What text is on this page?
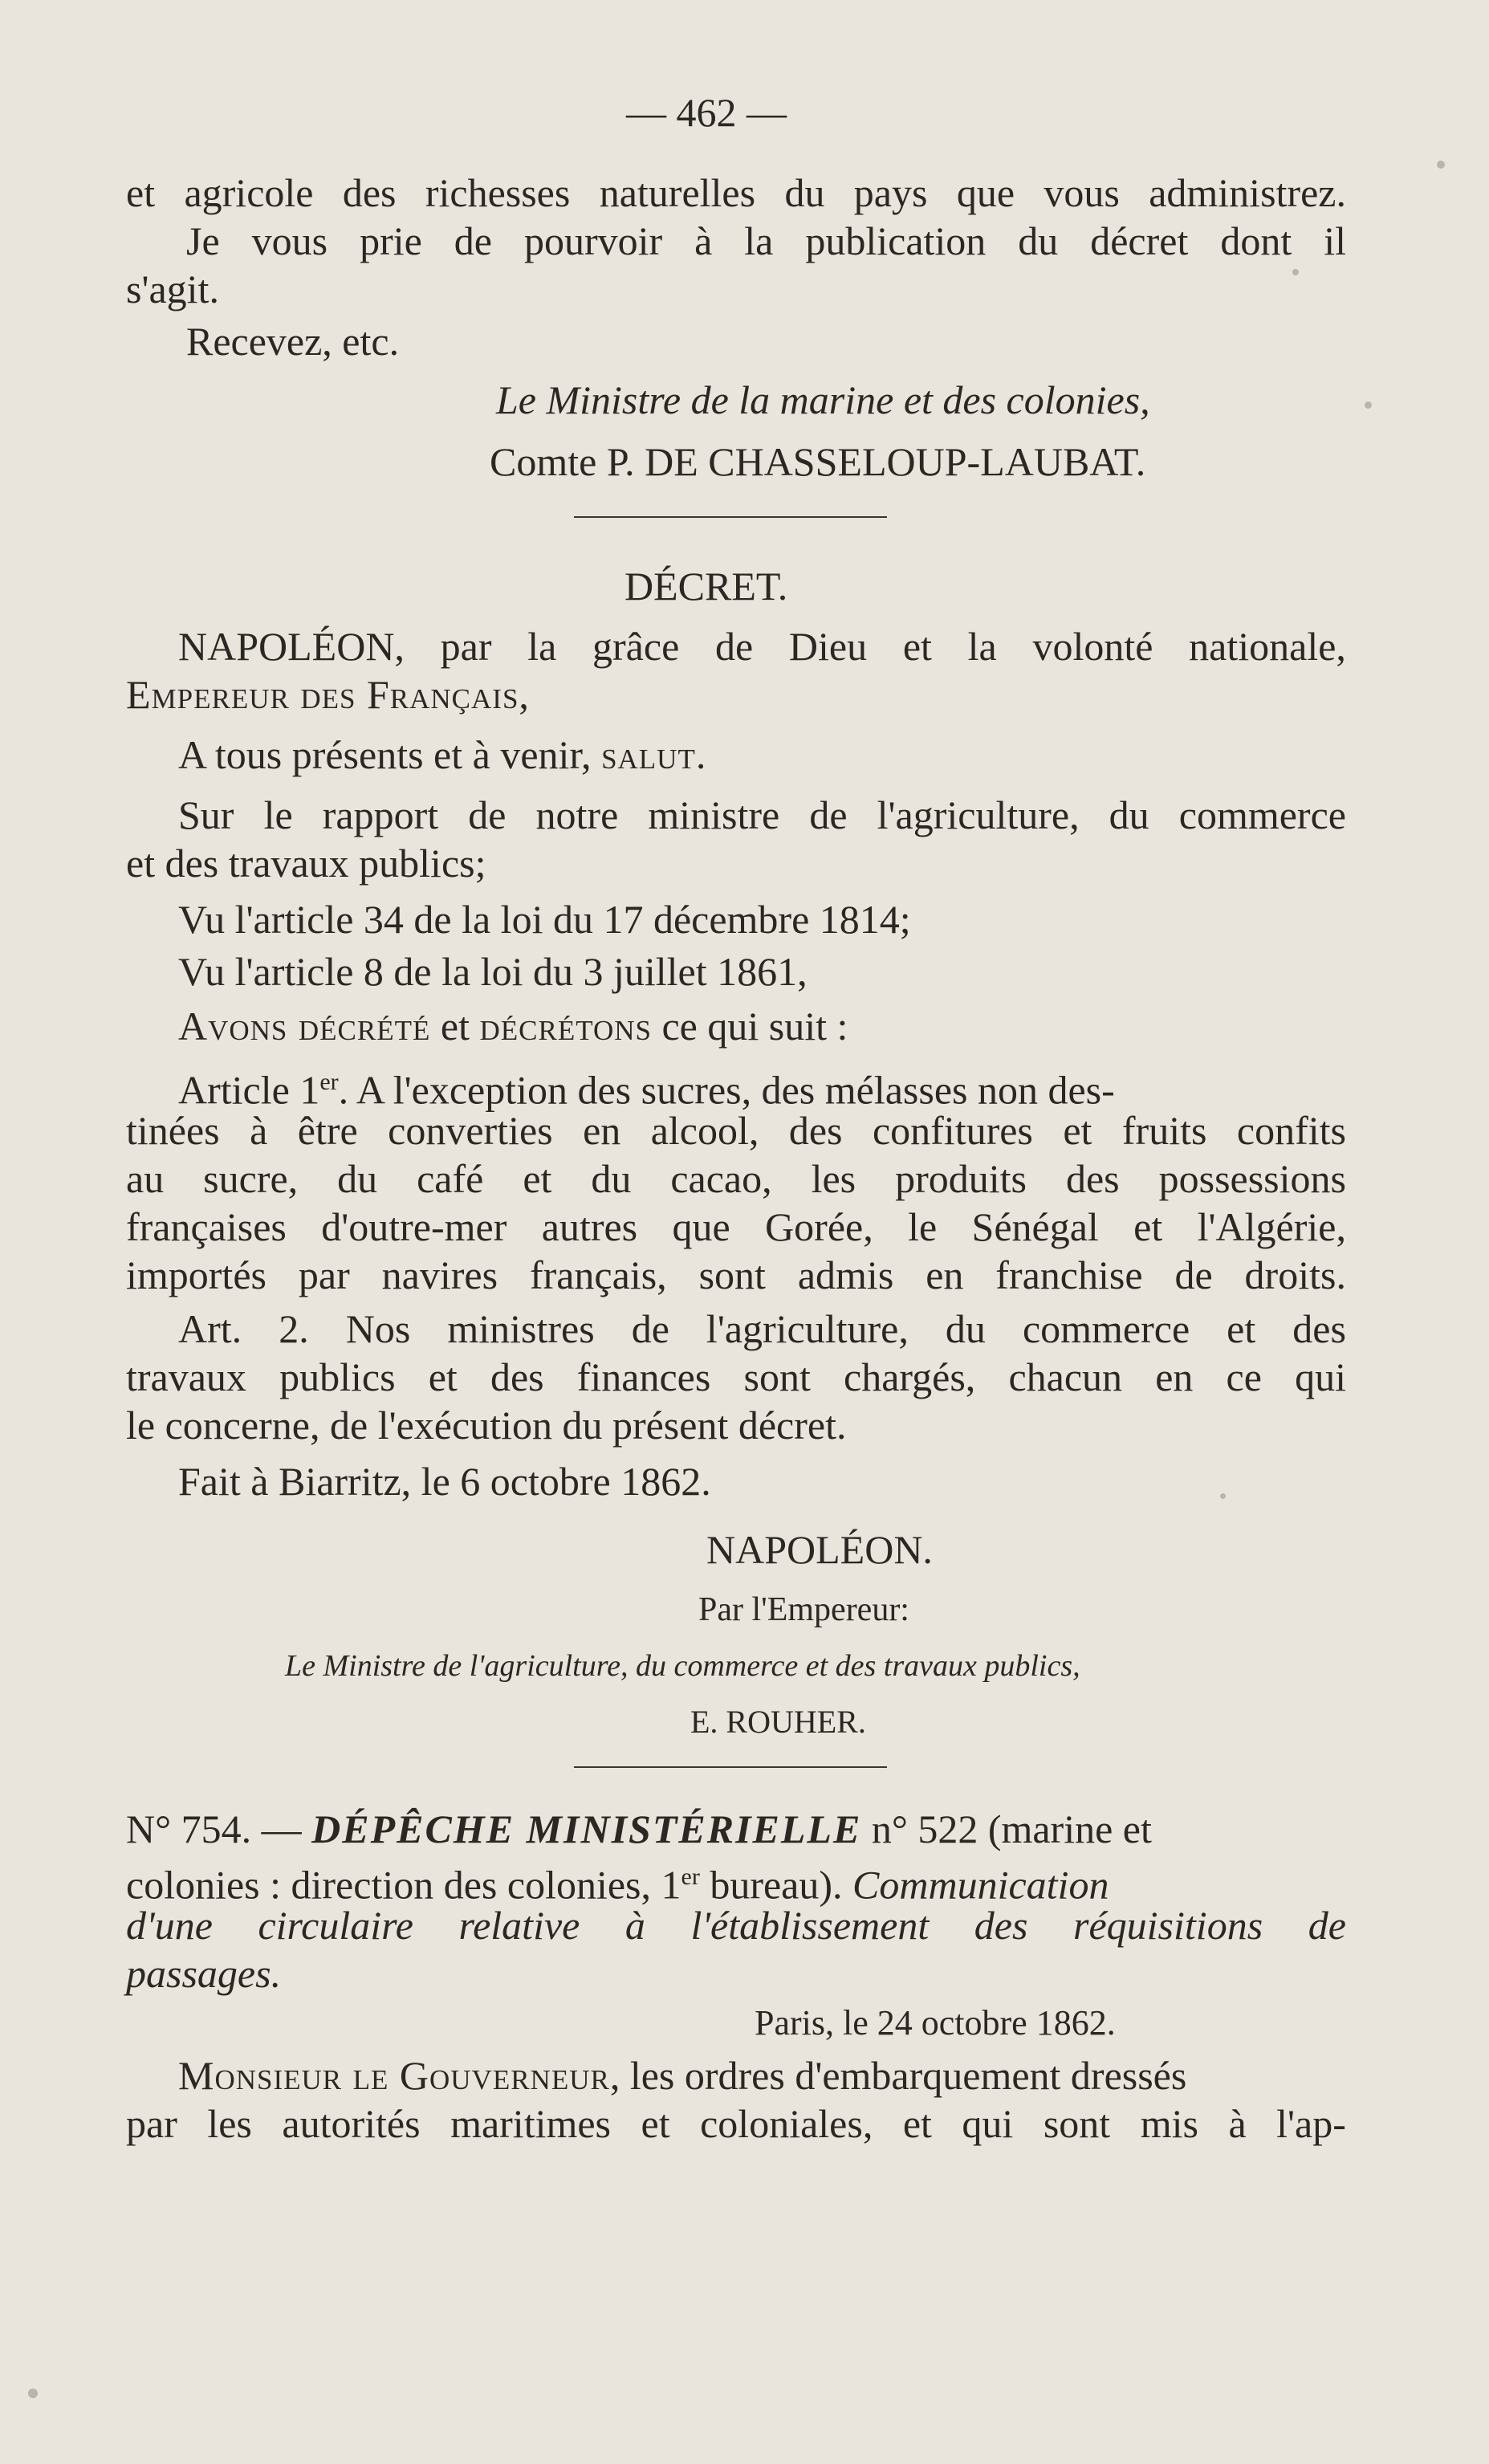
— 462 —
et agricole des richesses naturelles du pays que vous administrez.
Je vous prie de pourvoir à la publication du décret dont il
s'agit.
Recevez, etc.
Le Ministre de la marine et des colonies,
Comte P. DE CHASSELOUP-LAUBAT.
DÉCRET.
NAPOLÉON, par la grâce de Dieu et la volonté nationale,
Empereur des Français,
A tous présents et à venir, salut.
Sur le rapport de notre ministre de l'agriculture, du commerce
et des travaux publics;
Vu l'article 34 de la loi du 17 décembre 1814;
Vu l'article 8 de la loi du 3 juillet 1861,
Avons décrété et décrétons ce qui suit :
Article 1er. A l'exception des sucres, des mélasses non des-
tinées à être converties en alcool, des confitures et fruits confits
au sucre, du café et du cacao, les produits des possessions
françaises d'outre-mer autres que Gorée, le Sénégal et l'Algérie,
importés par navires français, sont admis en franchise de droits.
Art. 2. Nos ministres de l'agriculture, du commerce et des
travaux publics et des finances sont chargés, chacun en ce qui
le concerne, de l'exécution du présent décret.
Fait à Biarritz, le 6 octobre 1862.
NAPOLÉON.
Par l'Empereur:
Le Ministre de l'agriculture, du commerce et des travaux publics,
E. ROUHER.
N° 754. — DÉPÊCHE MINISTÉRIELLE n° 522 (marine et
colonies : direction des colonies, 1er bureau). Communication
d'une circulaire relative à l'établissement des réquisitions de
passages.
Paris, le 24 octobre 1862.
Monsieur le Gouverneur, les ordres d'embarquement dressés
par les autorités maritimes et coloniales, et qui sont mis à l'ap-
